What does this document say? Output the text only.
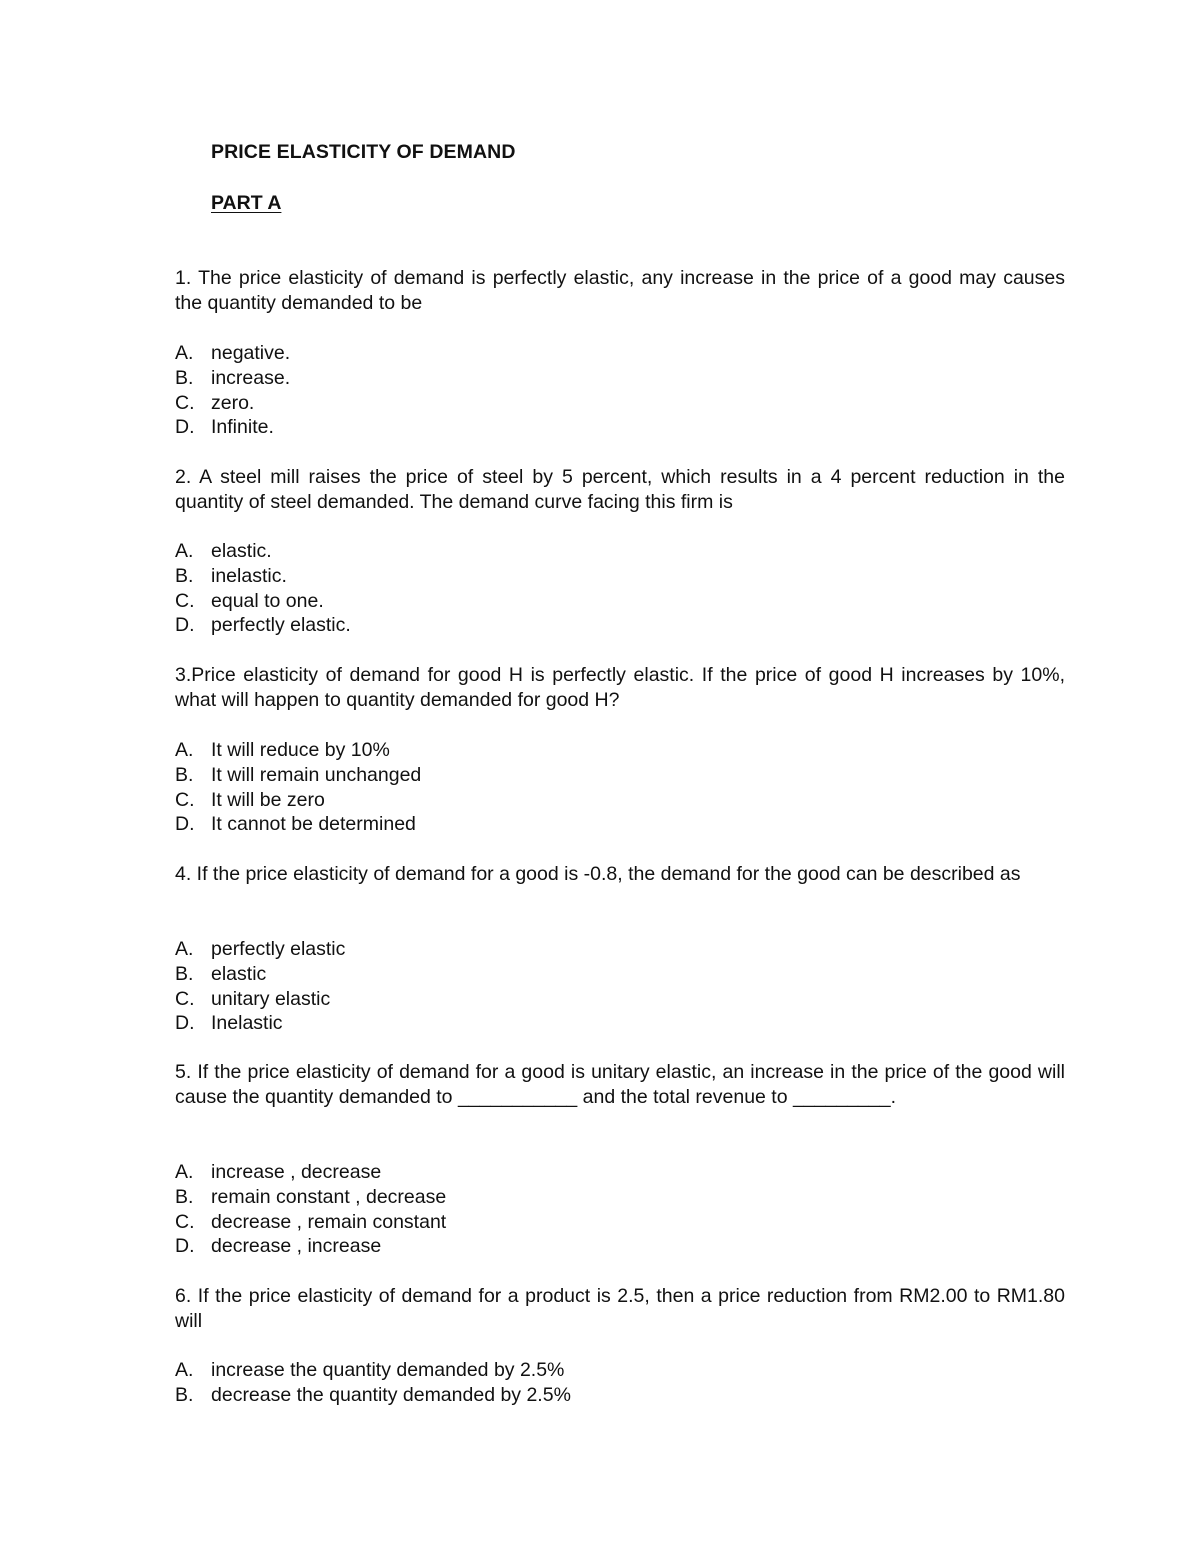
PRICE ELASTICITY OF DEMAND
PART A
1. The price elasticity of demand is perfectly elastic, any increase in the price of a good may causes the quantity demanded to be
A. negative.
B. increase.
C. zero.
D. Infinite.
2. A steel mill raises the price of steel by 5 percent, which results in a 4 percent reduction in the quantity of steel demanded. The demand curve facing this firm is
A. elastic.
B. inelastic.
C. equal to one.
D. perfectly elastic.
3.Price elasticity of demand for good H is perfectly elastic. If the price of good H increases by 10%, what will happen to quantity demanded for good H?
A. It will reduce by 10%
B. It will remain unchanged
C. It will be zero
D. It cannot be determined
4. If the price elasticity of demand for a good is -0.8, the demand for the good can be described as
A. perfectly elastic
B. elastic
C. unitary elastic
D. Inelastic
5. If the price elasticity of demand for a good is unitary elastic, an increase in the price of the good will cause the quantity demanded to ___________ and the total revenue to _________.
A. increase , decrease
B. remain constant , decrease
C. decrease , remain constant
D. decrease , increase
6. If the price elasticity of demand for a product is 2.5, then a price reduction from RM2.00 to RM1.80 will
A. increase the quantity demanded by 2.5%
B. decrease the quantity demanded by 2.5%
